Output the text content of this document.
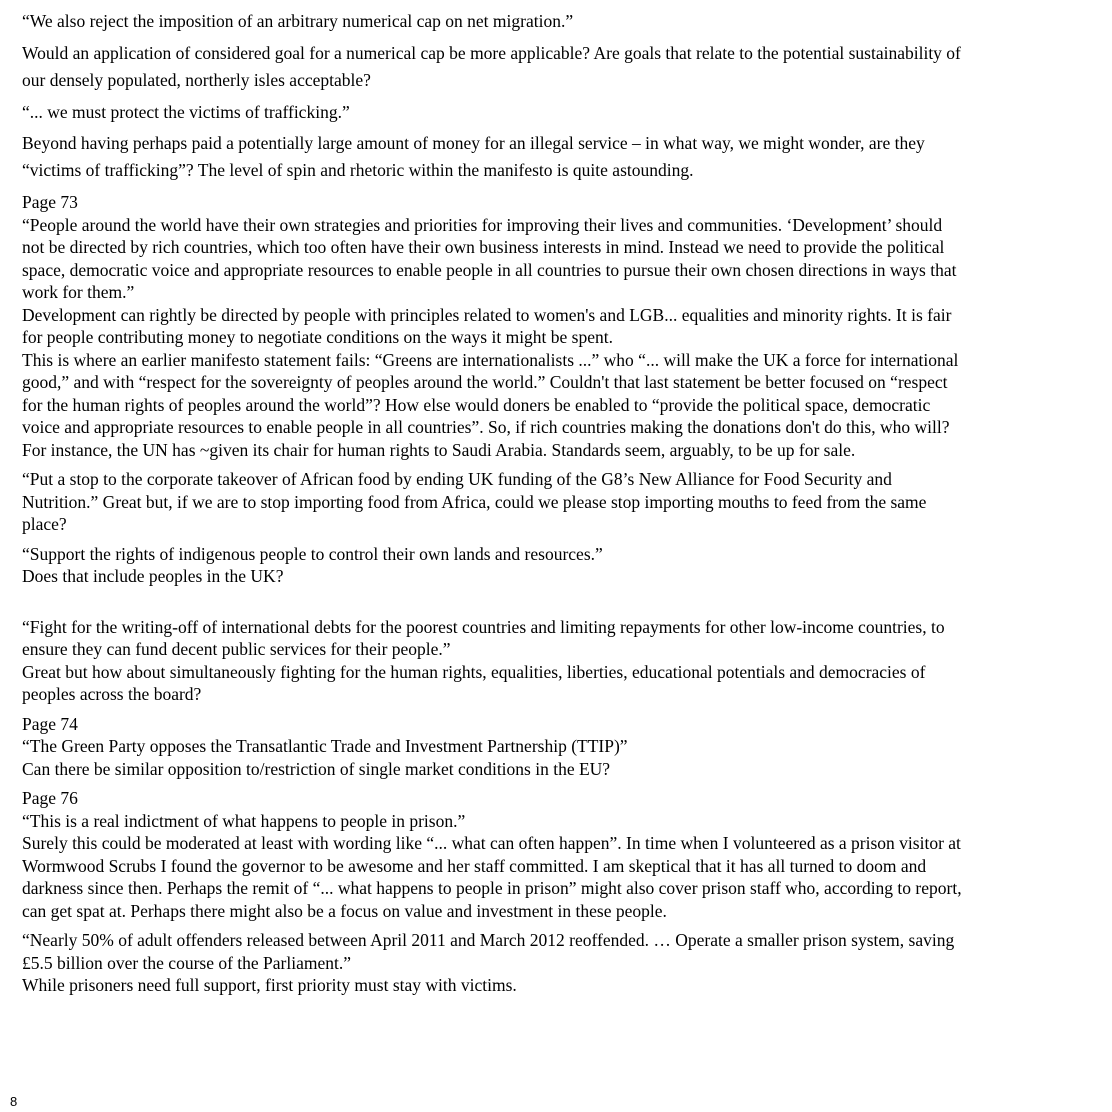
“We also reject the imposition of an arbitrary numerical cap on net migration.”

Would an application of considered goal for a numerical cap be more applicable? Are goals that relate to the potential sustainability of

our densely populated, northerly isles acceptable?

“... we must protect the victims of trafficking.”

Beyond having perhaps paid a potentially large amount of money for an illegal service – in what way, we might wonder, are they

“victims of trafficking”? The level of spin and rhetoric within the manifesto is quite astounding.

Page 73

“People around the world have their own strategies and priorities for improving their lives and communities. ‘Development’ should

not be directed by rich countries, which too often have their own business interests in mind. Instead we need to provide the political

space, democratic voice and appropriate resources to enable people in all countries to pursue their own chosen directions in ways that

work for them.”

Development can rightly be directed by people with principles related to women's and LGB... equalities and minority rights. It is fair

for people contributing money to negotiate conditions on the ways it might be spent.

This is where an earlier manifesto statement fails: “Greens are internationalists ...” who “... will make the UK a force for international

good,” and with “respect for the sovereignty of peoples around the world.” Couldn't that last statement be better focused on “respect

for the human rights of peoples around the world”? How else would doners be enabled to “provide the political space, democratic

voice and appropriate resources to enable people in all countries”. So, if rich countries making the donations don't do this, who will?

For instance, the UN has ~given its chair for human rights to Saudi Arabia. Standards seem, arguably, to be up for sale.

“Put a stop to the corporate takeover of African food by ending UK funding of the G8’s New Alliance for Food Security and

Nutrition.” Great but, if we are to stop importing food from Africa, could we please stop importing mouths to feed from the same

place?

“Support the rights of indigenous people to control their own lands and resources.”

Does that include peoples in the UK?

“Fight for the writing-off of international debts for the poorest countries and limiting repayments for other low-income countries, to

ensure they can fund decent public services for their people.”

Great but how about simultaneously fighting for the human rights, equalities, liberties, educational potentials and democracies of

peoples across the board?

Page 74

“The Green Party opposes the Transatlantic Trade and Investment Partnership (TTIP)”

Can there be similar opposition to/restriction of single market conditions in the EU?

Page 76

“This is a real indictment of what happens to people in prison.”

Surely this could be moderated at least with wording like “... what can often happen”. In time when I volunteered as a prison visitor at

Wormwood Scrubs I found the governor to be awesome and her staff committed. I am skeptical that it has all turned to doom and

darkness since then. Perhaps the remit of “... what happens to people in prison” might also cover prison staff who, according to report,

can get spat at. Perhaps there might also be a focus on value and investment in these people.

“Nearly 50% of adult offenders released between April 2011 and March 2012 reoffended. … Operate a smaller prison system, saving

£5.5 billion over the course of the Parliament.”

While prisoners need full support, first priority must stay with victims.

8
